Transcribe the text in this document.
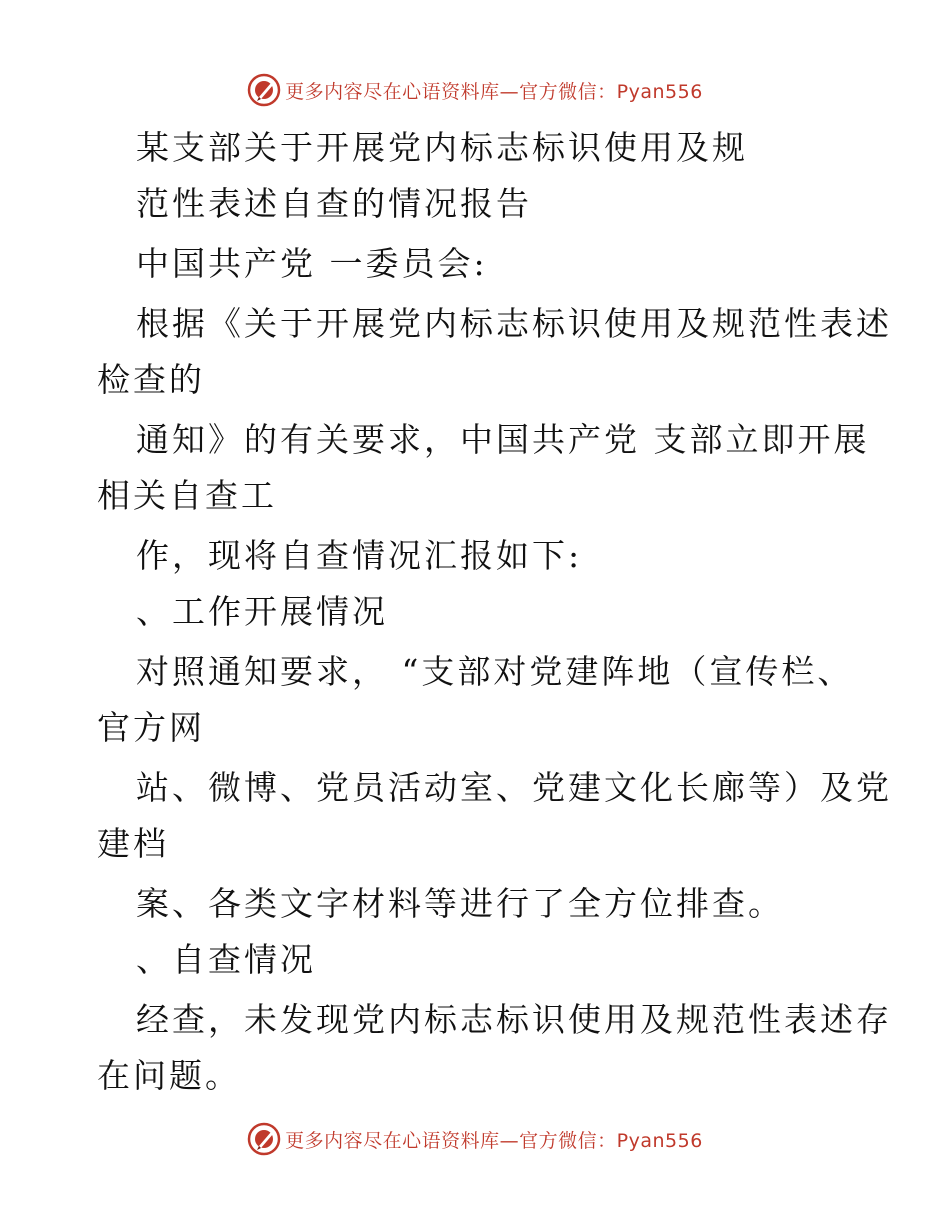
更多内容尽在心语资料库—官方微信：Pyan556
某支部关于开展党内标志标识使用及规
范性表述自查的情况报告
中国共产党 一委员会:
根据《关于开展党内标志标识使用及规范性表述
检查的
通知》的有关要求，中国共产党 支部立即开展
相关自查工
作，现将自查情况汇报如下:
、工作开展情况
对照通知要求， “支部对党建阵地（宣传栏、
官方网
站、微博、党员活动室、党建文化长廊等）及党
建档
案、各类文字材料等进行了全方位排查。
、自查情况
经查，未发现党内标志标识使用及规范性表述存
在问题。
更多内容尽在心语资料库—官方微信：Pyan556
